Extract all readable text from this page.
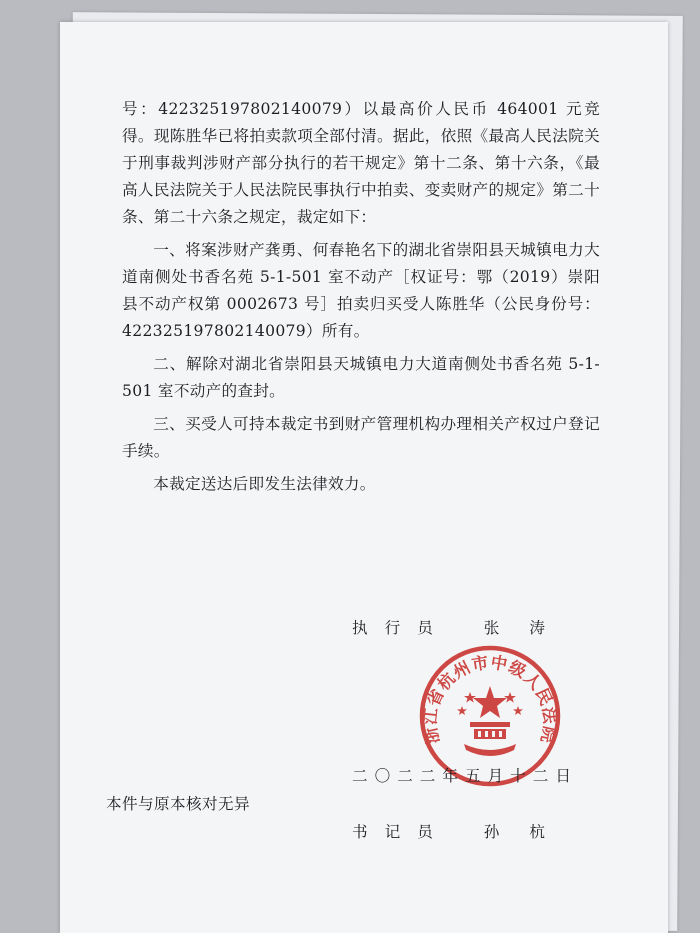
号：422325197802140079）以最高价人民币 464001 元竞得。现陈胜华已将拍卖款项全部付清。据此，依照《最高人民法院关于刑事裁判涉财产部分执行的若干规定》第十二条、第十六条，《最高人民法院关于人民法院民事执行中拍卖、变卖财产的规定》第二十条、第二十六条之规定，裁定如下：

一、将案涉财产龚勇、何春艳名下的湖北省崇阳县天城镇电力大道南侧处书香名苑 5-1-501 室不动产［权证号：鄂（2019）崇阳县不动产权第 0002673 号］拍卖归买受人陈胜华（公民身份号：422325197802140079）所有。

二、解除对湖北省崇阳县天城镇电力大道南侧处书香名苑 5-1-501 室不动产的查封。

三、买受人可持本裁定书到财产管理机构办理相关产权过户登记手续。

本裁定送达后即发生法律效力。

执行员 张涛
浙江省杭州市中级人民法院
二〇二二年五月十二日
本件与原本核对无异
书记员 孙杭
